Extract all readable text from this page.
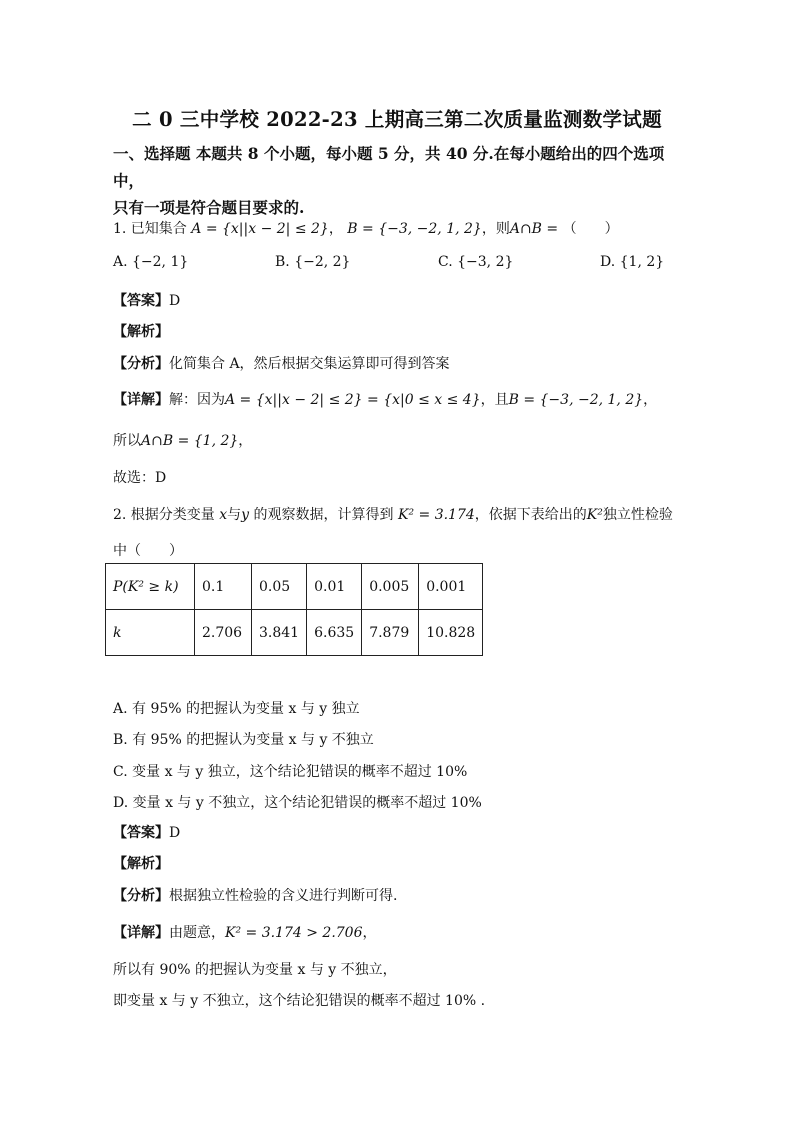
二 0 三中学校 2022-23 上期高三第二次质量监测数学试题
一、选择题 本题共 8 个小题，每小题 5 分，共 40 分.在每小题给出的四个选项中，
只有一项是符合题目要求的.
1. 已知集合 A = {x||x − 2| ≤ 2}， B = {−3, −2, 1, 2}，则A∩B = （　　）
A. {−2, 1}	B. {−2, 2}	C. {−3, 2}	D. {1, 2}
【答案】D
【解析】
【分析】化简集合 A，然后根据交集运算即可得到答案
【详解】解：因为A = {x||x − 2| ≤ 2} = {x|0 ≤ x ≤ 4}，且B = {−3, −2, 1, 2}，
所以A∩B = {1, 2}，
故选：D
2. 根据分类变量 x与y 的观察数据，计算得到 K² = 3.174，依据下表给出的K²独立性检验
中（　　）
P(K² ≥ k)	0.1	0.05	0.01	0.005	0.001
k	2.706	3.841	6.635	7.879	10.828
A. 有 95% 的把握认为变量 x 与 y 独立
B. 有 95% 的把握认为变量 x 与 y 不独立
C. 变量 x 与 y 独立，这个结论犯错误的概率不超过 10%
D. 变量 x 与 y 不独立，这个结论犯错误的概率不超过 10%
【答案】D
【解析】
【分析】根据独立性检验的含义进行判断可得.
【详解】由题意，K² = 3.174 > 2.706，
所以有 90% 的把握认为变量 x 与 y 不独立，
即变量 x 与 y 不独立，这个结论犯错误的概率不超过 10% .
